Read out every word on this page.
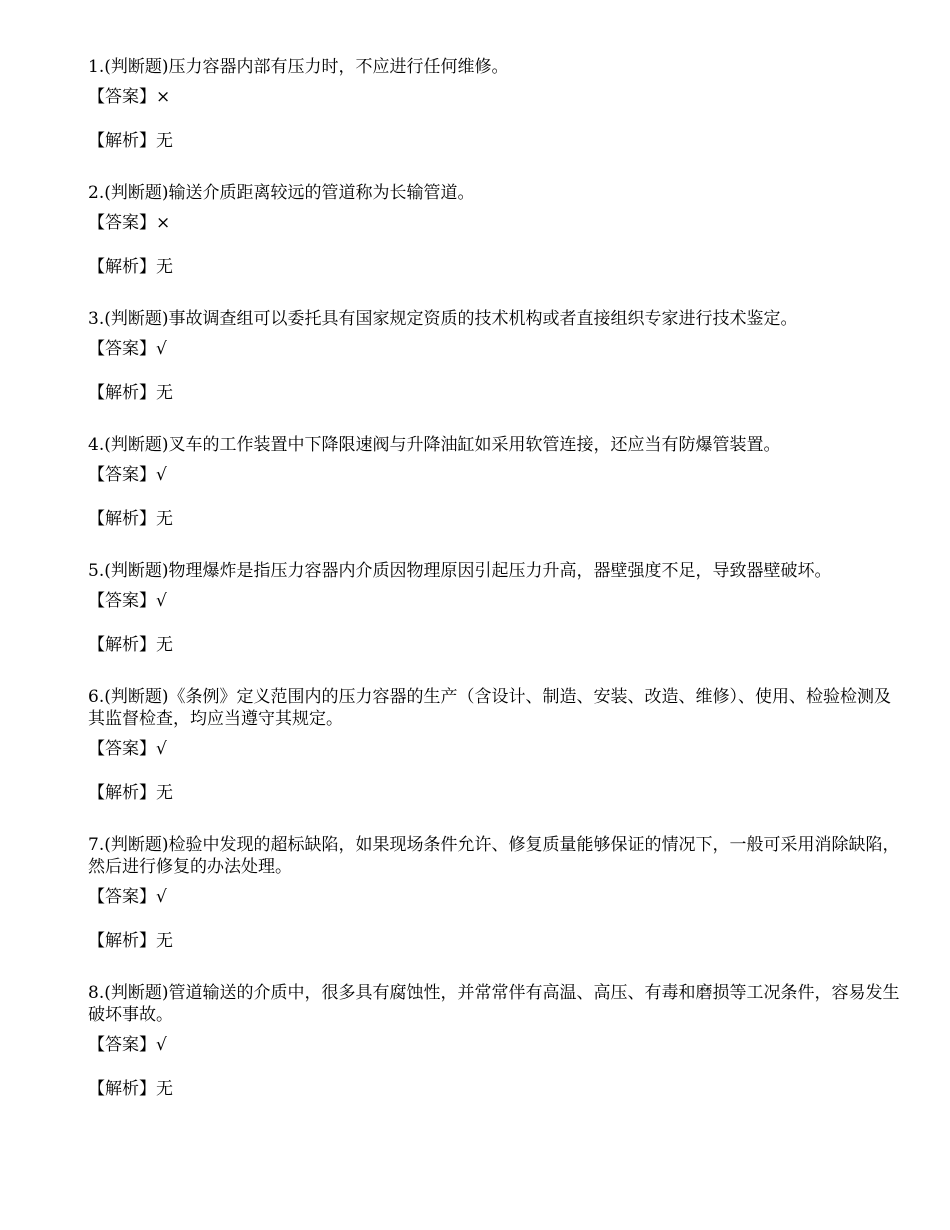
1.(判断题)压力容器内部有压力时，不应进行任何维修。

【答案】×

【解析】无

2.(判断题)输送介质距离较远的管道称为长输管道。

【答案】×

【解析】无

3.(判断题)事故调查组可以委托具有国家规定资质的技术机构或者直接组织专家进行技术鉴定。

【答案】√

【解析】无

4.(判断题)叉车的工作装置中下降限速阀与升降油缸如采用软管连接，还应当有防爆管装置。

【答案】√

【解析】无

5.(判断题)物理爆炸是指压力容器内介质因物理原因引起压力升高，器壁强度不足，导致器壁破坏。

【答案】√

【解析】无

6.(判断题)《条例》定义范围内的压力容器的生产（含设计、制造、安装、改造、维修）、使用、检验检测及其监督检查，均应当遵守其规定。

【答案】√

【解析】无

7.(判断题)检验中发现的超标缺陷，如果现场条件允许、修复质量能够保证的情况下，一般可采用消除缺陷，然后进行修复的办法处理。

【答案】√

【解析】无

8.(判断题)管道输送的介质中，很多具有腐蚀性，并常常伴有高温、高压、有毒和磨损等工况条件，容易发生破坏事故。

【答案】√

【解析】无
